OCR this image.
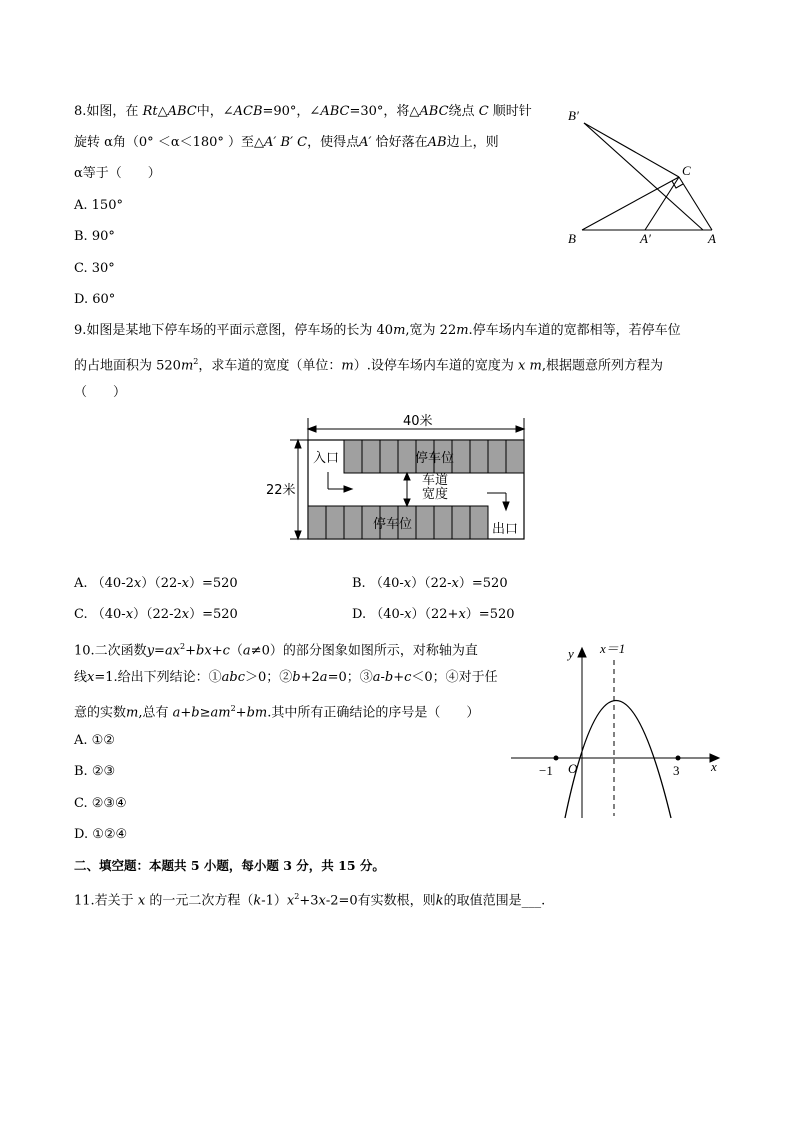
8.如图，在 Rt△ABC中，∠ACB=90°，∠ABC=30°，将△ABC绕点 C 顺时针
旋转 α角（0° ＜α＜180° ）至△A′ B′ C，使得点A′ 恰好落在AB边上，则
α等于（　　）
A. 150°
B. 90°
C. 30°
D. 60°
B′
C
B	A′	A
9.如图是某地下停车场的平面示意图，停车场的长为 40m,宽为 22m.停车场内车道的宽都相等，若停车位
的占地面积为 $520m^2$，求车道的宽度（单位：m）.设停车场内车道的宽度为 x m,根据题意所列方程为
（　　）
40米
22米
停车位
停车位
入口
出口
车道
宽度
A. （40-2x）（22-x）=520	B. （40-x）（22-x）=520
C. （40-x）（22-2x）=520	D. （40-x）（22+x）=520
10.二次函数$y=ax^2+bx+c(a\ne 0)$的部分图象如图所示，对称轴为直
线x=1.给出下列结论：①abc＞0；②b+2a=0；③a-b+c＜0；④对于任
意的实数m,总有 $a+b\ge am^2+bm$.其中所有正确结论的序号是（　　）
A. ①②
B. ②③
C. ②③④
D. ①②④
x＝1
y
x
−1 O	3
二、填空题：本题共 5 小题，每小题 3 分，共 15 分。
11.若关于 x 的一元二次方程$(k-1)x^2+3x-2=0$有实数根，则k的取值范围是___.
